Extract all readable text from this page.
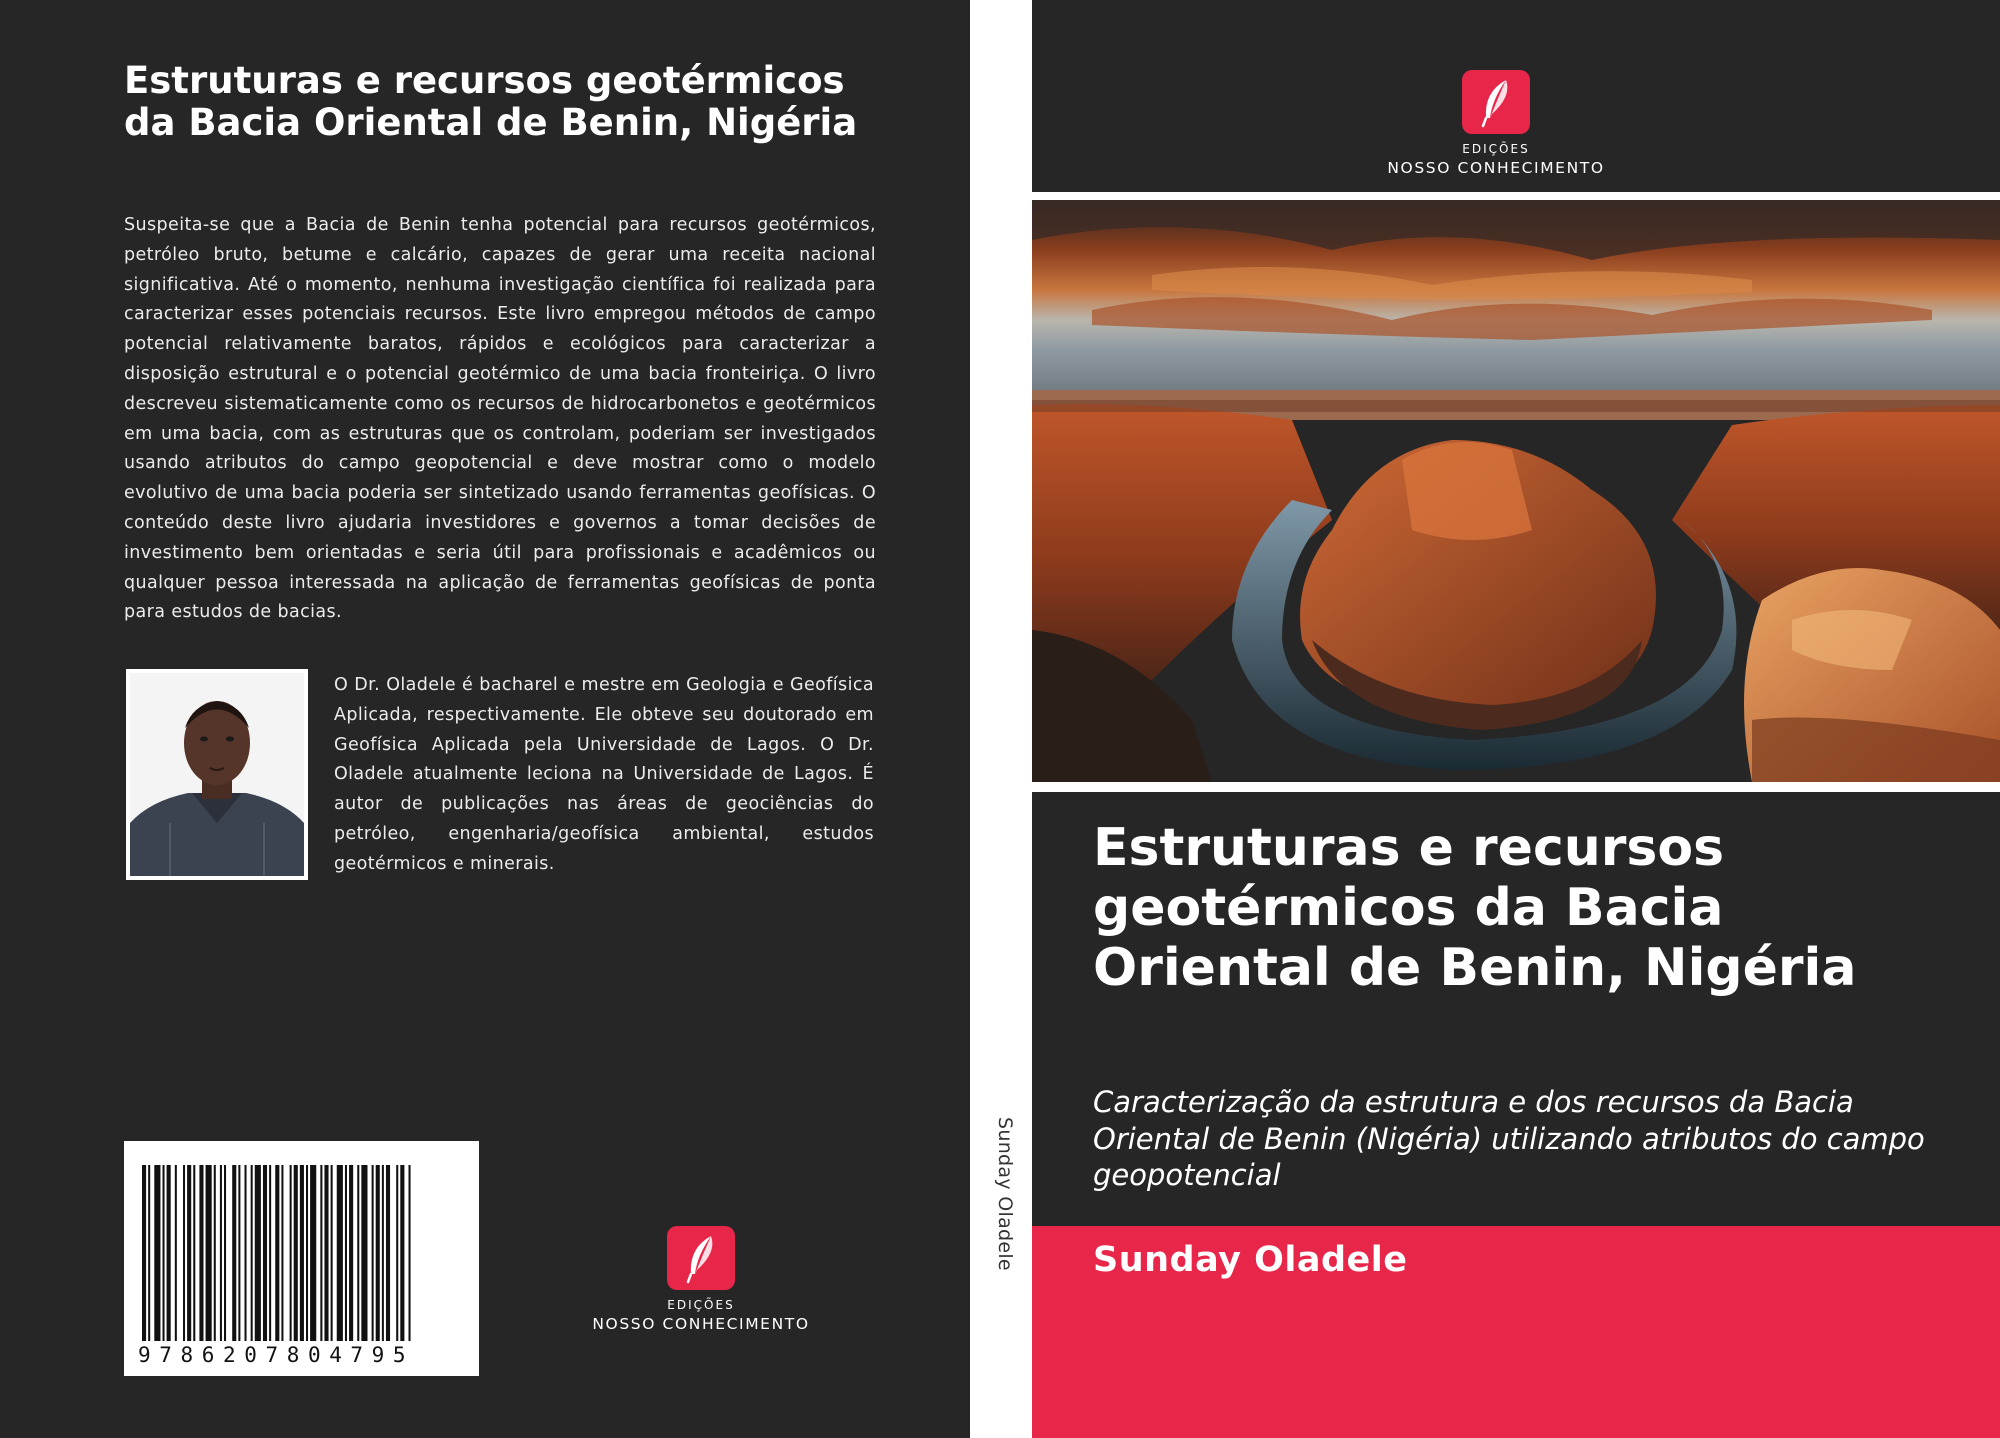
Estruturas e recursos geotérmicos da Bacia Oriental de Benin, Nigéria

Suspeita-se que a Bacia de Benin tenha potencial para recursos geotérmicos, petróleo bruto, betume e calcário, capazes de gerar uma receita nacional significativa. Até o momento, nenhuma investigação científica foi realizada para caracterizar esses potenciais recursos. Este livro empregou métodos de campo potencial relativamente baratos, rápidos e ecológicos para caracterizar a disposição estrutural e o potencial geotérmico de uma bacia fronteiriça. O livro descreveu sistematicamente como os recursos de hidrocarbonetos e geotérmicos em uma bacia, com as estruturas que os controlam, poderiam ser investigados usando atributos do campo geopotencial e deve mostrar como o modelo evolutivo de uma bacia poderia ser sintetizado usando ferramentas geofísicas. O conteúdo deste livro ajudaria investidores e governos a tomar decisões de investimento bem orientadas e seria útil para profissionais e acadêmicos ou qualquer pessoa interessada na aplicação de ferramentas geofísicas de ponta para estudos de bacias.

O Dr. Oladele é bacharel e mestre em Geologia e Geofísica Aplicada, respectivamente. Ele obteve seu doutorado em Geofísica Aplicada pela Universidade de Lagos. O Dr. Oladele atualmente leciona na Universidade de Lagos. É autor de publicações nas áreas de geociências do petróleo, engenharia/geofísica ambiental, estudos geotérmicos e minerais.

9786207804795
EDIÇÕES
NOSSO CONHECIMENTO
Sunday Oladele
EDIÇÕES
NOSSO CONHECIMENTO
Estruturas e recursos geotérmicos da Bacia Oriental de Benin, Nigéria

Caracterização da estrutura e dos recursos da Bacia Oriental de Benin (Nigéria) utilizando atributos do campo geopotencial

Sunday Oladele
